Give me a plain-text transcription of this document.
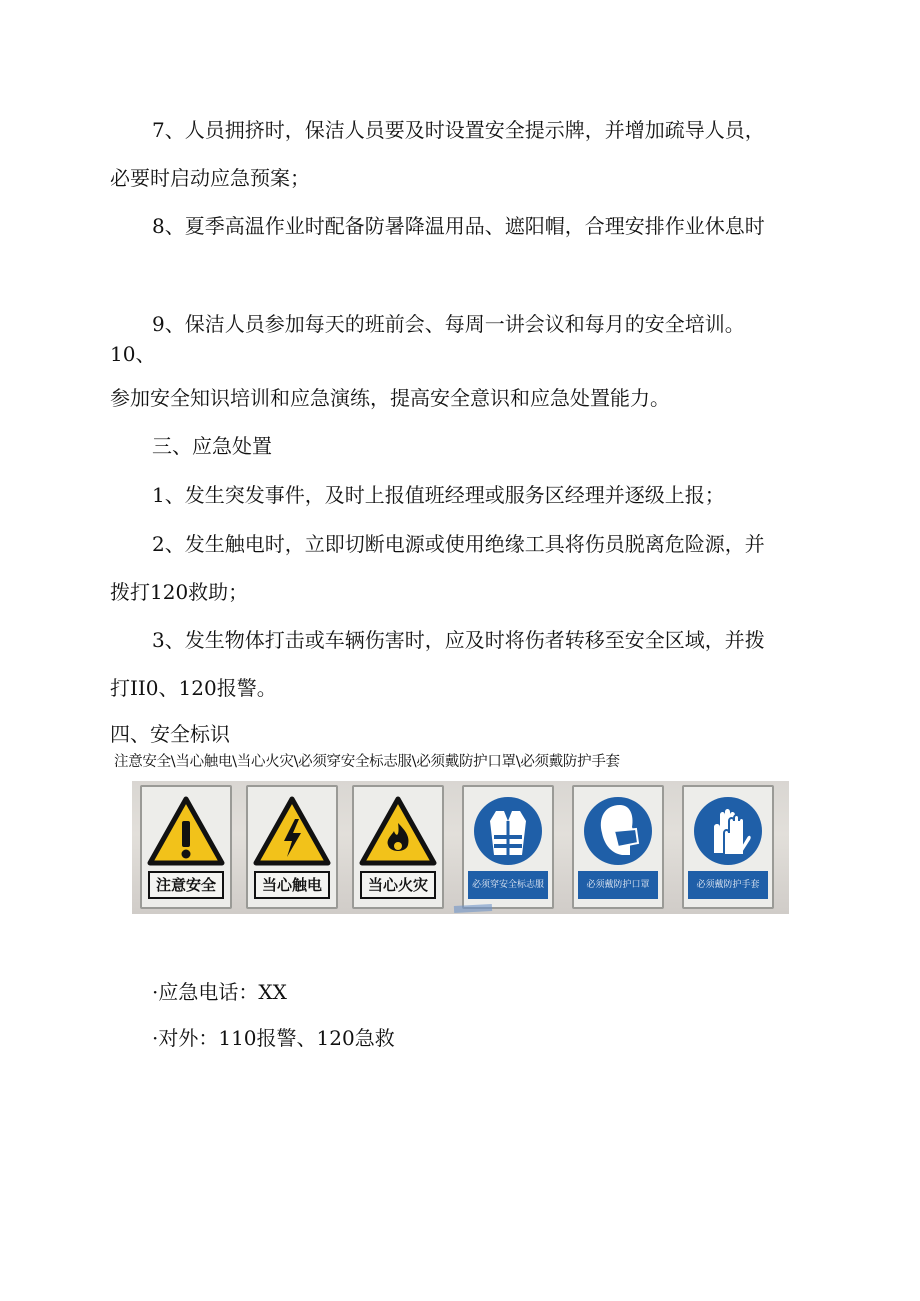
7、人员拥挤时，保洁人员要及时设置安全提示牌，并增加疏导人员，
必要时启动应急预案；
8、夏季高温作业时配备防暑降温用品、遮阳帽，合理安排作业休息时
9、保洁人员参加每天的班前会、每周一讲会议和每月的安全培训。
10、
参加安全知识培训和应急演练，提高安全意识和应急处置能力。
三、应急处置
1、发生突发事件，及时上报值班经理或服务区经理并逐级上报；
2、发生触电时，立即切断电源或使用绝缘工具将伤员脱离危险源，并
拨打120救助；
3、发生物体打击或车辆伤害时，应及时将伤者转移至安全区域，并拨
打II0、120报警。
四、安全标识
注意安全\当心触电\当心火灾\必须穿安全标志服\必须戴防护口罩\必须戴防护手套
注意安全	当心触电	当心火灾	必须穿安全标志服	必须戴防护口罩	必须戴防护手套
·应急电话：XX
·对外：110报警、120急救
